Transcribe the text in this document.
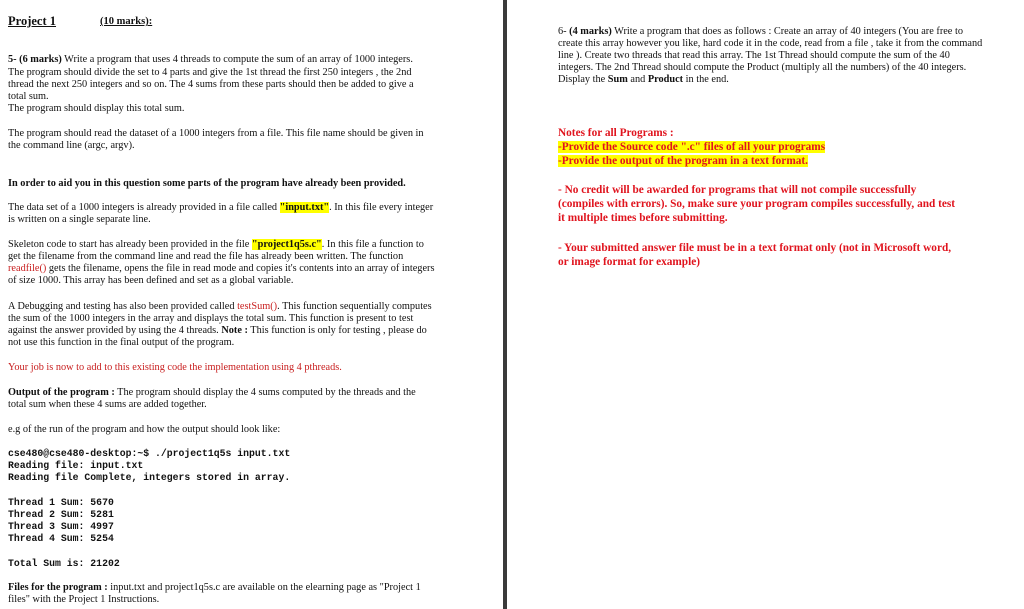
Project 1	(10 marks):

5- (6 marks) Write a program that uses 4 threads to compute the sum of an array of 1000 integers.

The program should divide the set to 4 parts and give the 1st thread the first 250 integers , the 2nd

thread the next 250 integers and so on. The 4 sums from these parts should then be added to give a

total sum.

The program should display this total sum.

The program should read the dataset of a 1000 integers from a file. This file name should be given in

the command line (argc, argv).

In order to aid you in this question some parts of the program have already been provided.

The data set of a 1000 integers is already provided in a file called "input.txt". In this file every integer

is written on a single separate line.

Skeleton code to start has already been provided in the file "project1q5s.c". In this file a function to

get the filename from the command line and read the file has already been written. The function

readfile() gets the filename, opens the file in read mode and copies it's contents into an array of integers

of size 1000. This array has been defined and set as a global variable.

A Debugging and testing has also been provided called testSum(). This function sequentially computes

the sum of the 1000 integers in the array and displays the total sum. This function is present to test

against the answer provided by using the 4 threads. Note : This function is only for testing , please do

not use this function in the final output of the program.

Your job is now to add to this existing code the implementation using 4 pthreads.

Output of the program : The program should display the 4 sums computed by the threads and the

total sum when these 4 sums are added together.

e.g of the run of the program and how the output should look like:

cse480@cse480-desktop:~$ ./project1q5s input.txt
Reading file: input.txt
Reading file Complete, integers stored in array.
Thread 1 Sum: 5670
Thread 2 Sum: 5281
Thread 3 Sum: 4997
Thread 4 Sum: 5254
Total Sum is: 21202

Files for the program : input.txt and project1q5s.c are available on the elearning page as "Project 1

files" with the Project 1 Instructions.

6- (4 marks) Write a program that does as follows : Create an array of 40 integers (You are free to

create this array however you like, hard code it in the code, read from a file , take it from the command

line ). Create two threads that read this array. The 1st Thread should compute the sum of the 40

integers. The 2nd Thread should compute the Product (multiply all the numbers) of the 40 integers.

Display the Sum and Product in the end.

Notes for all Programs :

-Provide the Source code ".c" files of all your programs

-Provide the output of the program in a text format.

- No credit will be awarded for programs that will not compile successfully

(compiles with errors). So, make sure your program compiles successfully, and test

it multiple times before submitting.

- Your submitted answer file must be in a text format only (not in Microsoft word,

or image format for example)
